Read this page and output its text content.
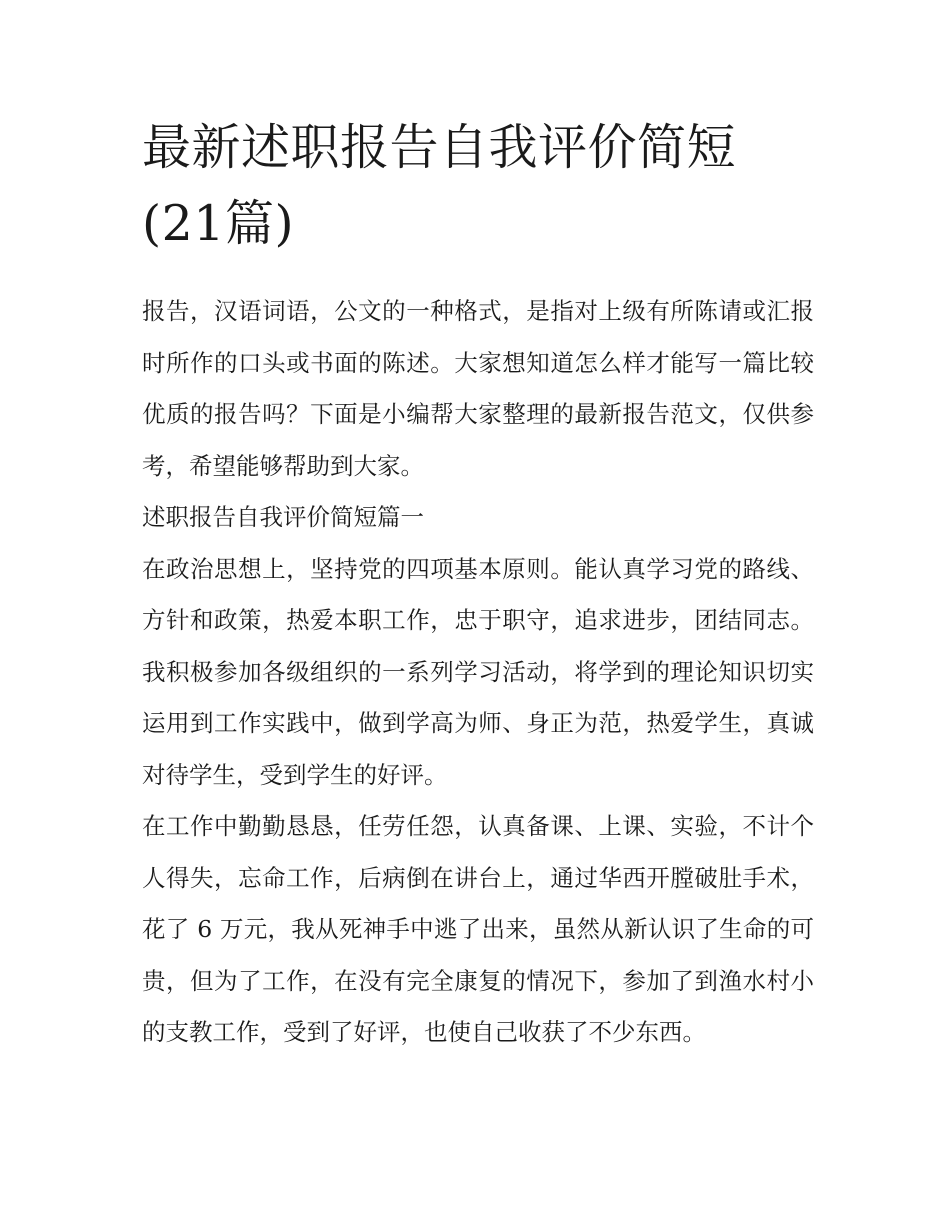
最新述职报告自我评价简短(21篇)

报告，汉语词语，公文的一种格式，是指对上级有所陈请或汇报时所作的口头或书面的陈述。大家想知道怎么样才能写一篇比较优质的报告吗？下面是小编帮大家整理的最新报告范文，仅供参考，希望能够帮助到大家。

述职报告自我评价简短篇一

在政治思想上，坚持党的四项基本原则。能认真学习党的路线、方针和政策，热爱本职工作，忠于职守，追求进步，团结同志。我积极参加各级组织的一系列学习活动，将学到的理论知识切实运用到工作实践中，做到学高为师、身正为范，热爱学生，真诚对待学生，受到学生的好评。

在工作中勤勤恳恳，任劳任怨，认真备课、上课、实验，不计个人得失，忘命工作，后病倒在讲台上，通过华西开膛破肚手术，花了 6 万元，我从死神手中逃了出来，虽然从新认识了生命的可贵，但为了工作，在没有完全康复的情况下，参加了到渔水村小的支教工作，受到了好评，也使自己收获了不少东西。
